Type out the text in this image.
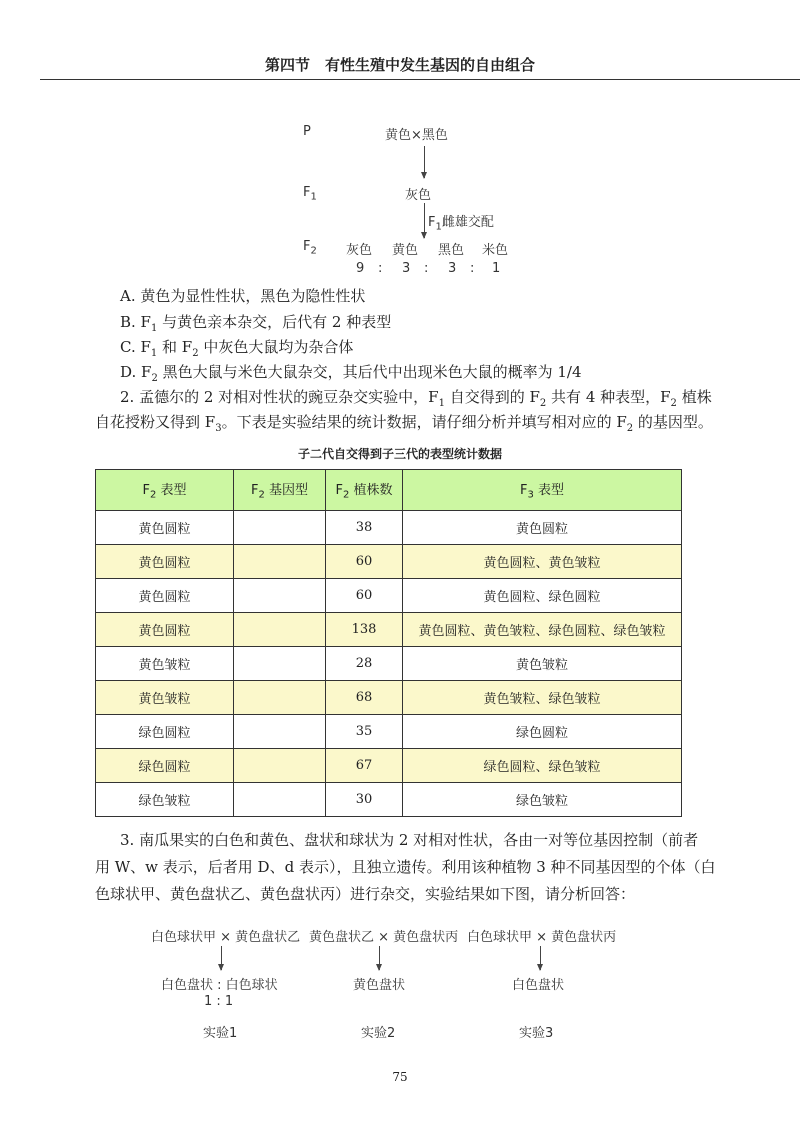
第四节　有性生殖中发生基因的自由组合
P	黄色×黑色
$F_1$	灰色
$F_1$雌雄交配
$F_2$ 灰色 黄色 黑色 米色
9 : 3 : 3 : 1
A. 黄色为显性性状，黑色为隐性性状
B. $F_1$ 与黄色亲本杂交，后代有 2 种表型
C. $F_1$ 和 $F_2$ 中灰色大鼠均为杂合体
D. $F_2$ 黑色大鼠与米色大鼠杂交，其后代中出现米色大鼠的概率为 1/4
2. 孟德尔的 2 对相对性状的豌豆杂交实验中，$F_1$ 自交得到的 $F_2$ 共有 4 种表型，$F_2$ 植株
自花授粉又得到 $F_3$。下表是实验结果的统计数据，请仔细分析并填写相对应的 $F_2$ 的基因型。
子二代自交得到子三代的表型统计数据
$F_2$ 表型	$F_2$ 基因型	$F_2$ 植株数	$F_3$ 表型
黄色圆粒		38	黄色圆粒
黄色圆粒		60	黄色圆粒、黄色皱粒
黄色圆粒		60	黄色圆粒、绿色圆粒
黄色圆粒		138	黄色圆粒、黄色皱粒、绿色圆粒、绿色皱粒
黄色皱粒		28	黄色皱粒
黄色皱粒		68	黄色皱粒、绿色皱粒
绿色圆粒		35	绿色圆粒
绿色圆粒		67	绿色圆粒、绿色皱粒
绿色皱粒		30	绿色皱粒
3. 南瓜果实的白色和黄色、盘状和球状为 2 对相对性状，各由一对等位基因控制（前者
用 W、w 表示，后者用 D、d 表示），且独立遗传。利用该种植物 3 种不同基因型的个体（白
色球状甲、黄色盘状乙、黄色盘状丙）进行杂交，实验结果如下图，请分析回答：
白色球状甲 × 黄色盘状乙
白色盘状 : 白色球状
1 : 1
实验1
黄色盘状乙 × 黄色盘状丙
黄色盘状
实验2
白色球状甲 × 黄色盘状丙
白色盘状
实验3
75
